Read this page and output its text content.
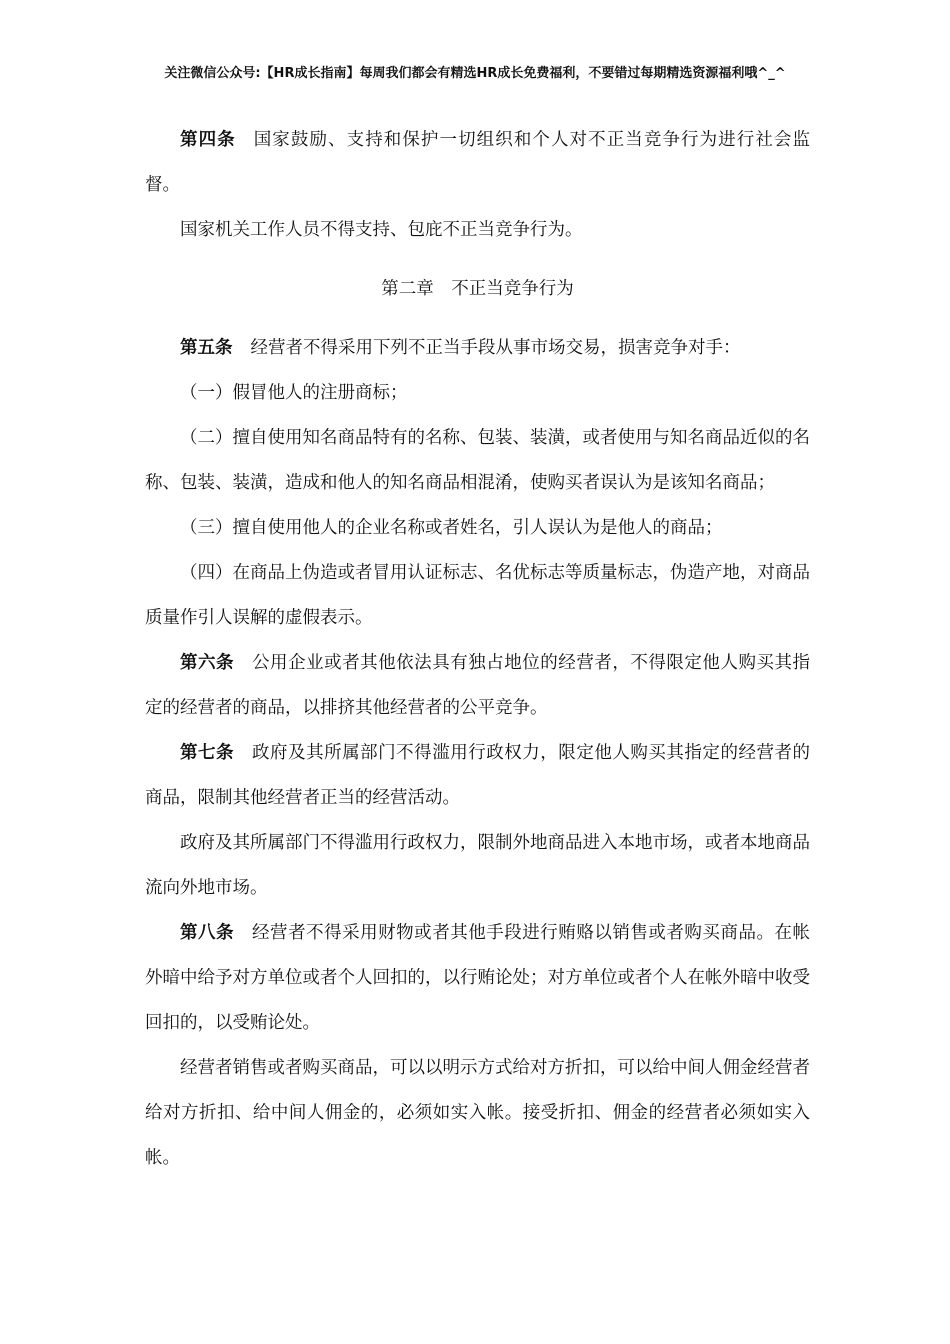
关注微信公众号:【HR成长指南】每周我们都会有精选HR成长免费福利，不要错过每期精选资源福利哦^_^

第四条 国家鼓励、支持和保护一切组织和个人对不正当竞争行为进行社会监督。

国家机关工作人员不得支持、包庇不正当竞争行为。

第二章　不正当竞争行为

第五条 经营者不得采用下列不正当手段从事市场交易，损害竞争对手：

（一）假冒他人的注册商标；

（二）擅自使用知名商品特有的名称、包装、装潢，或者使用与知名商品近似的名称、包装、装潢，造成和他人的知名商品相混淆，使购买者误认为是该知名商品；

（三）擅自使用他人的企业名称或者姓名，引人误认为是他人的商品；

（四）在商品上伪造或者冒用认证标志、名优标志等质量标志，伪造产地，对商品质量作引人误解的虚假表示。

第六条 公用企业或者其他依法具有独占地位的经营者，不得限定他人购买其指定的经营者的商品，以排挤其他经营者的公平竞争。

第七条 政府及其所属部门不得滥用行政权力，限定他人购买其指定的经营者的商品，限制其他经营者正当的经营活动。

政府及其所属部门不得滥用行政权力，限制外地商品进入本地市场，或者本地商品流向外地市场。

第八条 经营者不得采用财物或者其他手段进行贿赂以销售或者购买商品。在帐外暗中给予对方单位或者个人回扣的，以行贿论处；对方单位或者个人在帐外暗中收受回扣的，以受贿论处。

经营者销售或者购买商品，可以以明示方式给对方折扣，可以给中间人佣金经营者给对方折扣、给中间人佣金的，必须如实入帐。接受折扣、佣金的经营者必须如实入帐。
